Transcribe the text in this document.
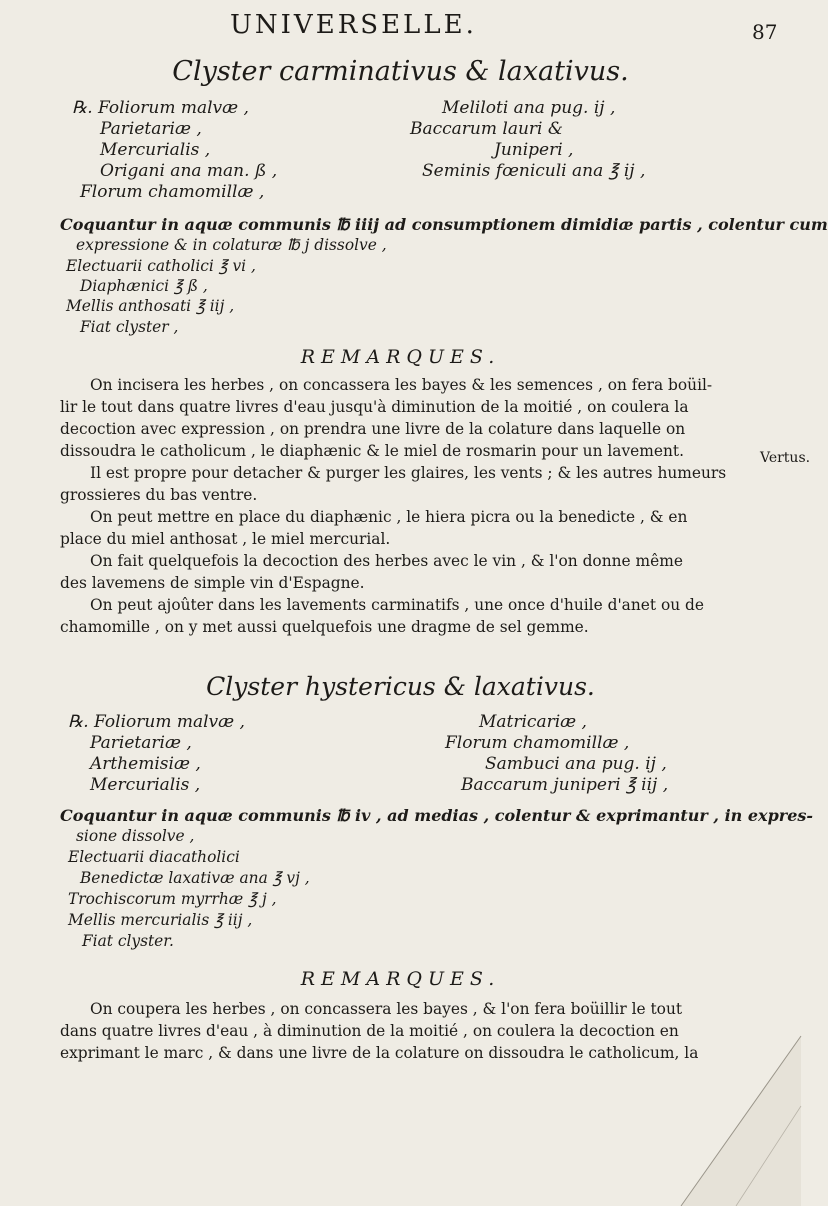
UNIVERSELLE.	87
Clyster carminativus & laxativus.
℞. Foliorum malvæ ,
Parietariæ ,
Mercurialis ,
Origani ana man. ß ,
Florum chamomillæ ,
Meliloti ana pug. ij ,
Baccarum lauri &
Juniperi ,
Seminis fœniculi ana ℥ ij ,
Coquantur in aquæ communis ℔ iiij ad consumptionem dimidiæ partis , colentur cum
expressione & in colaturæ ℔ j dissolve ,
Electuarii catholici ℥ vi ,
Diaphænici ℥ ß ,
Mellis anthosati ℥ iij ,
Fiat clyster ,
REMARQUES.
On incisera les herbes , on concassera les bayes & les semences , on fera boüil-
lir le tout dans quatre livres d'eau jusqu'à diminution de la moitié , on coulera la
decoction avec expression , on prendra une livre de la colature dans laquelle on
dissoudra le catholicum , le diaphænic & le miel de rosmarin pour un lavement.
Il est propre pour detacher & purger les glaires, les vents ; & les autres humeurs
grossieres du bas ventre.
On peut mettre en place du diaphænic , le hiera picra ou la benedicte , & en
place du miel anthosat , le miel mercurial.
On fait quelquefois la decoction des herbes avec le vin , & l'on donne même
des lavemens de simple vin d'Espagne.
On peut ajoûter dans les lavements carminatifs , une once d'huile d'anet ou de
chamomille , on y met aussi quelquefois une dragme de sel gemme.
Vertus.
Clyster hystericus & laxativus.
℞. Foliorum malvæ ,
Parietariæ ,
Arthemisiæ ,
Mercurialis ,
Matricariæ ,
Florum chamomillæ ,
Sambuci ana pug. ij ,
Baccarum juniperi ℥ iij ,
Coquantur in aquæ communis ℔ iv , ad medias , colentur & exprimantur , in expres-
sione dissolve ,
Electuarii diacatholici
Benedictæ laxativæ ana ℥ vj ,
Trochiscorum myrrhæ ℥ j ,
Mellis mercurialis ℥ iij ,
Fiat clyster.
REMARQUES.
On coupera les herbes , on concassera les bayes , & l'on fera boüillir le tout
dans quatre livres d'eau , à diminution de la moitié , on coulera la decoction en
exprimant le marc , & dans une livre de la colature on dissoudra le catholicum, la
